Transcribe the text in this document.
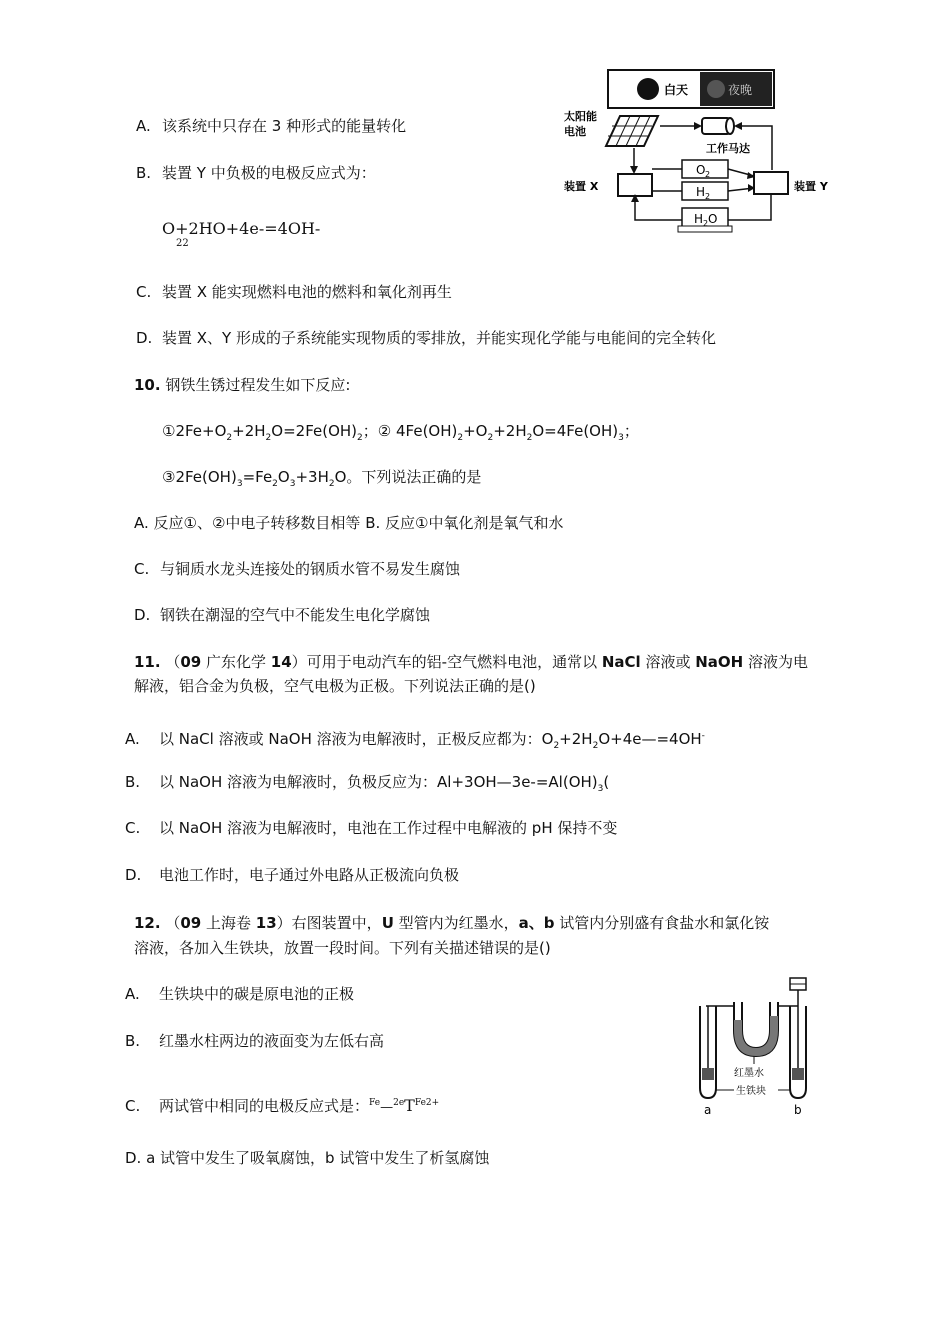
A. 该系统中只存在 3 种形式的能量转化
B. 装置 Y 中负极的电极反应式为：
O+2HO+4e-=4OH-
22
C. 装置 X 能实现燃料电池的燃料和氧化剂再生
D. 装置 X、Y 形成的子系统能实现物质的零排放，并能实现化学能与电能间的完全转化
白天	夜晚
太阳能
电池
工作马达
装置 X	装置 Y
O 2
H 2
H 2 O
10. 钢铁生锈过程发生如下反应:
$①2Fe+O_2+2H_2O=2Fe(OH)_2$；② $4Fe(OH)_2+O_2+2H_2O=4Fe(OH)_3$；
$③2Fe(OH)_3=Fe_2O_3+3H_2O$。下列说法正确的是
A. 反应①、②中电子转移数目相等 B. 反应①中氧化剂是氧气和水
C. 与铜质水龙头连接处的钢质水管不易发生腐蚀
D. 钢铁在潮湿的空气中不能发生电化学腐蚀
11. （09 广东化学 14）可用于电动汽车的铝-空气燃料电池，通常以 NaCl 溶液或 NaOH 溶液为电
解液，铝合金为负极，空气电极为正极。下列说法正确的是()
A. 以 NaCl 溶液或 NaOH 溶液为电解液时，正极反应都为：$O_2+2H_2O+4e—=4OH^-$
B. 以 NaOH 溶液为电解液时，负极反应为：$Al+3OH—3e-=Al(OH)_3$(
C. 以 NaOH 溶液为电解液时，电池在工作过程中电解液的 pH 保持不变
D. 电池工作时，电子通过外电路从正极流向负极
12. （09 上海卷 13）右图装置中，U 型管内为红墨水，a、b 试管内分别盛有食盐水和氯化铵
溶液，各加入生铁块，放置一段时间。下列有关描述错误的是()
A. 生铁块中的碳是原电池的正极
B. 红墨水柱两边的液面变为左低右高
C. 两试管中相同的电极反应式是：$^{Fe}—^{2e}T^{Fe2+}$
D. a 试管中发生了吸氧腐蚀，b 试管中发生了析氢腐蚀
红墨水
生铁块
a	b
